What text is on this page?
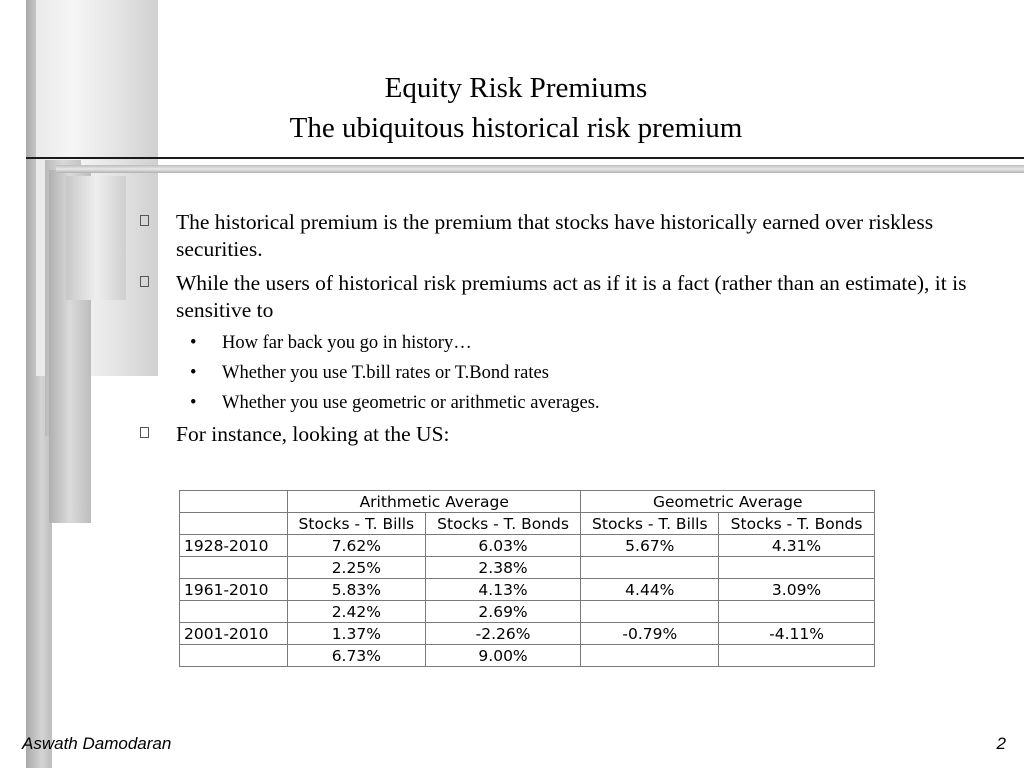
Equity Risk Premiums
The ubiquitous historical risk premium
The historical premium is the premium that stocks have historically earned over riskless securities.
While the users of historical risk premiums act as if it is a fact (rather than an estimate), it is sensitive to
• How far back you go in history…
• Whether you use T.bill rates or T.Bond rates
• Whether you use geometric or arithmetic averages.
For instance, looking at the US:
	Arithmetic Average		Geometric Average	
	Stocks - T. Bills	Stocks - T. Bonds	Stocks - T. Bills	Stocks - T. Bonds
1928-2010	7.62%	6.03%	5.67%	4.31%
	2.25%	2.38%		
1961-2010	5.83%	4.13%	4.44%	3.09%
	2.42%	2.69%		
2001-2010	1.37%	-2.26%	-0.79%	-4.11%
	6.73%	9.00%		
Aswath Damodaran	2
